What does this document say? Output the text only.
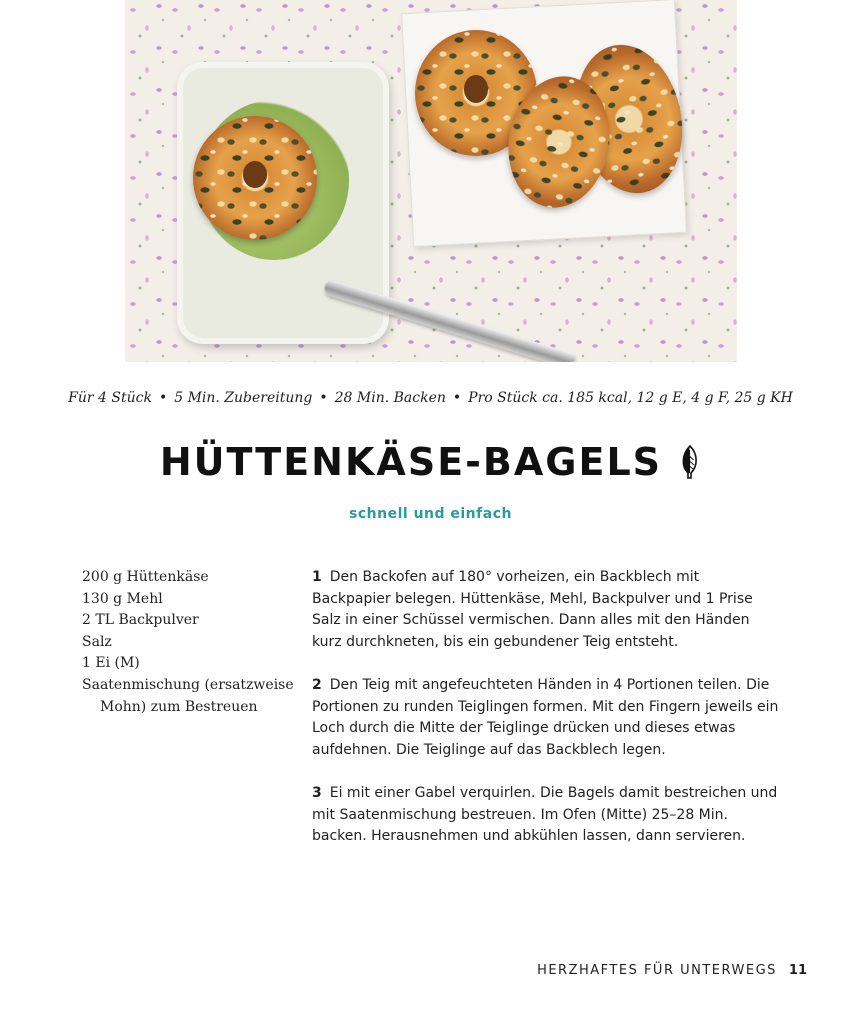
Für 4 Stück • 5 Min. Zubereitung • 28 Min. Backen • Pro Stück ca. 185 kcal, 12 g E, 4 g F, 25 g KH
HÜTTENKÄSE-BAGELS
schnell und einfach
200 g Hüttenkäse
130 g Mehl
2 TL Backpulver
Salz
1 Ei (M)
Saatenmischung (ersatzweise Mohn) zum Bestreuen

1 Den Backofen auf 180° vorheizen, ein Backblech mit Backpapier belegen. Hüttenkäse, Mehl, Backpulver und 1 Prise Salz in einer Schüssel vermischen. Dann alles mit den Händen kurz durchkneten, bis ein gebundener Teig entsteht.

2 Den Teig mit angefeuchteten Händen in 4 Portionen teilen. Die Portionen zu runden Teiglingen formen. Mit den Fingern jeweils ein Loch durch die Mitte der Teiglinge drücken und dieses etwas aufdehnen. Die Teiglinge auf das Backblech legen.

3 Ei mit einer Gabel verquirlen. Die Bagels damit bestreichen und mit Saatenmischung bestreuen. Im Ofen (Mitte) 25–28 Min. backen. Herausnehmen und abkühlen lassen, dann servieren.

HERZHAFTES FÜR UNTERWEGS 11
